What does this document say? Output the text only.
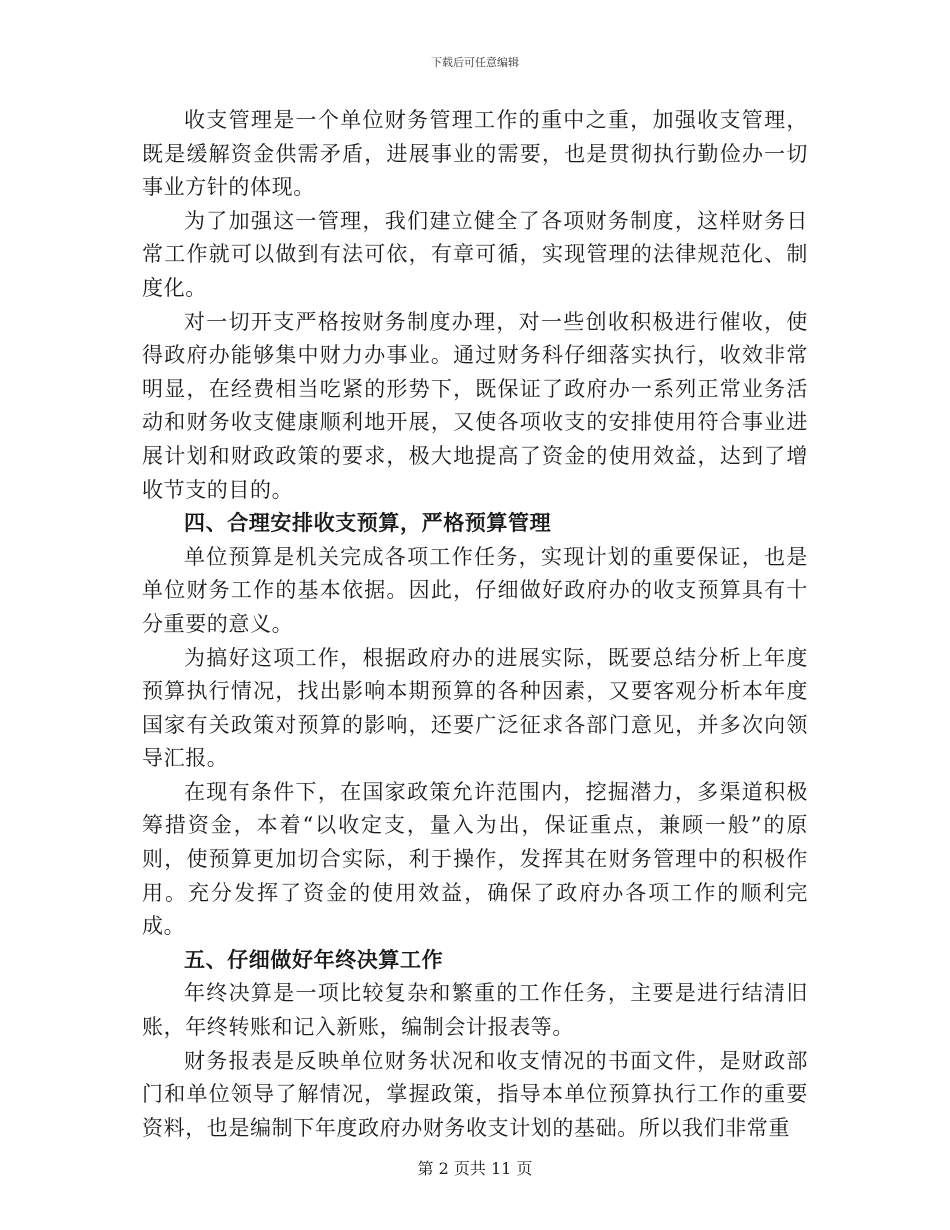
下载后可任意编辑

收支管理是一个单位财务管理工作的重中之重，加强收支管理，既是缓解资金供需矛盾，进展事业的需要，也是贯彻执行勤俭办一切事业方针的体现。

为了加强这一管理，我们建立健全了各项财务制度，这样财务日常工作就可以做到有法可依，有章可循，实现管理的法律规范化、制度化。

对一切开支严格按财务制度办理，对一些创收积极进行催收，使得政府办能够集中财力办事业。通过财务科仔细落实执行，收效非常明显，在经费相当吃紧的形势下，既保证了政府办一系列正常业务活动和财务收支健康顺利地开展，又使各项收支的安排使用符合事业进展计划和财政政策的要求，极大地提高了资金的使用效益，达到了增收节支的目的。

四、合理安排收支预算，严格预算管理

单位预算是机关完成各项工作任务，实现计划的重要保证，也是单位财务工作的基本依据。因此，仔细做好政府办的收支预算具有十分重要的意义。

为搞好这项工作，根据政府办的进展实际，既要总结分析上年度预算执行情况，找出影响本期预算的各种因素，又要客观分析本年度国家有关政策对预算的影响，还要广泛征求各部门意见，并多次向领导汇报。

在现有条件下，在国家政策允许范围内，挖掘潜力，多渠道积极筹措资金，本着“以收定支，量入为出，保证重点，兼顾一般”的原则，使预算更加切合实际，利于操作，发挥其在财务管理中的积极作用。充分发挥了资金的使用效益，确保了政府办各项工作的顺利完成。

五、仔细做好年终决算工作

年终决算是一项比较复杂和繁重的工作任务，主要是进行结清旧账，年终转账和记入新账，编制会计报表等。

财务报表是反映单位财务状况和收支情况的书面文件，是财政部门和单位领导了解情况，掌握政策，指导本单位预算执行工作的重要资料，也是编制下年度政府办财务收支计划的基础。所以我们非常重

第 2 页共 11 页
